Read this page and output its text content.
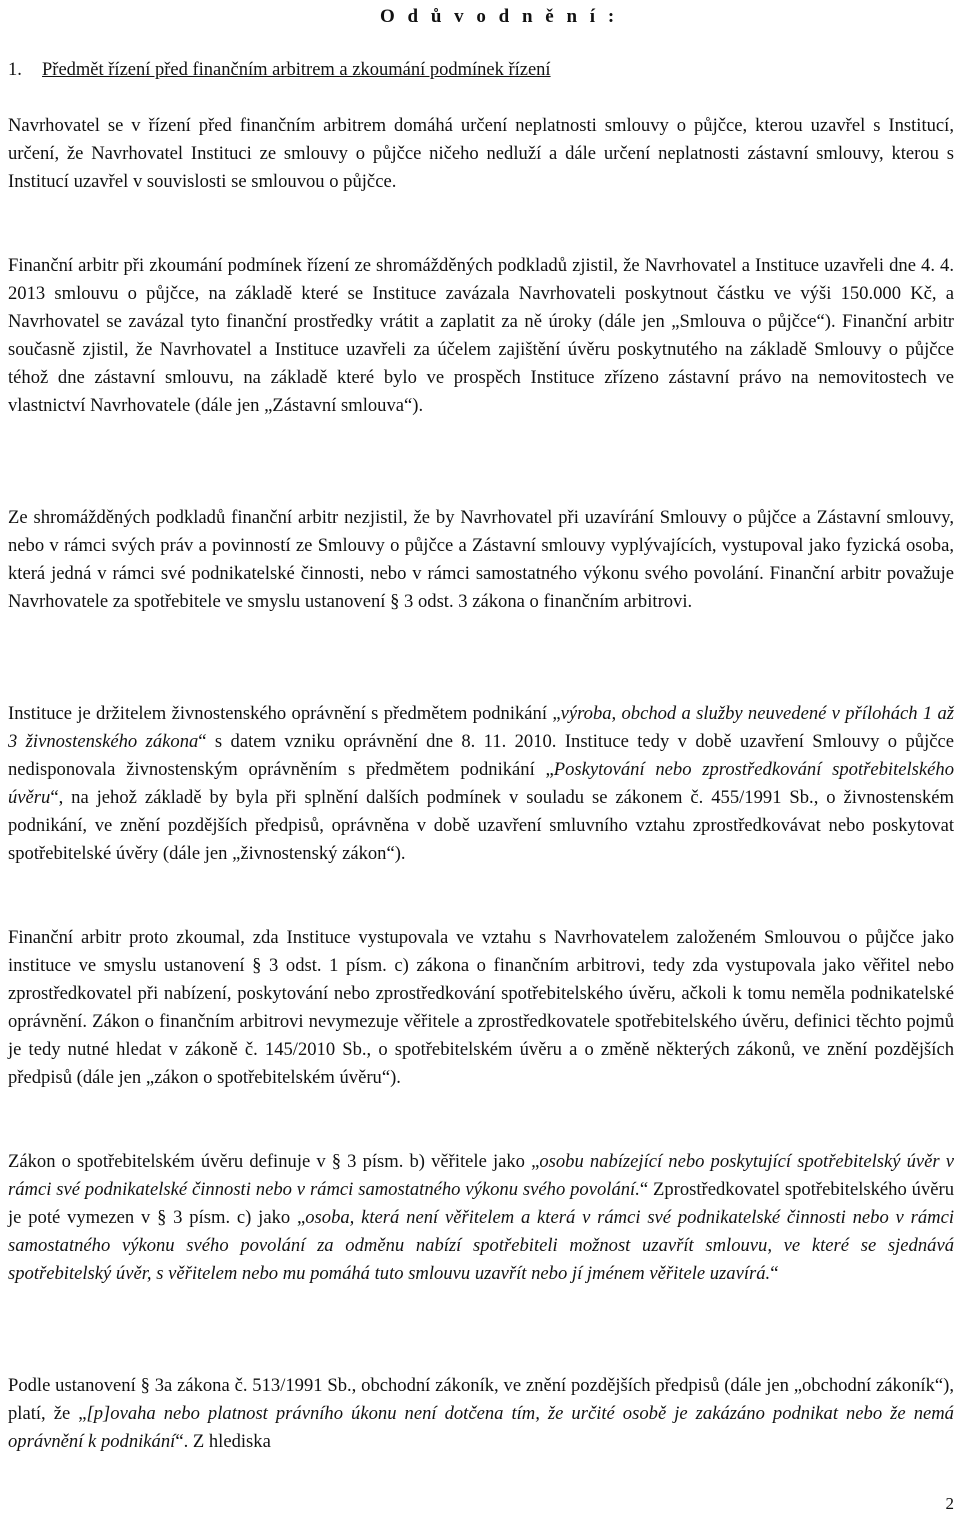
O d ů v o d n ě n í :
1. Předmět řízení před finančním arbitrem a zkoumání podmínek řízení

Navrhovatel se v řízení před finančním arbitrem domáhá určení neplatnosti smlouvy o půjčce, kterou uzavřel s Institucí, určení, že Navrhovatel Instituci ze smlouvy o půjčce ničeho nedluží a dále určení neplatnosti zástavní smlouvy, kterou s Institucí uzavřel v souvislosti se smlouvou o půjčce.

Finanční arbitr při zkoumání podmínek řízení ze shromážděných podkladů zjistil, že Navrhovatel a Instituce uzavřeli dne 4. 4. 2013 smlouvu o půjčce, na základě které se Instituce zavázala Navrhovateli poskytnout částku ve výši 150.000 Kč, a Navrhovatel se zavázal tyto finanční prostředky vrátit a zaplatit za ně úroky (dále jen „Smlouva o půjčce“). Finanční arbitr současně zjistil, že Navrhovatel a Instituce uzavřeli za účelem zajištění úvěru poskytnutého na základě Smlouvy o půjčce téhož dne zástavní smlouvu, na základě které bylo ve prospěch Instituce zřízeno zástavní právo na nemovitostech ve vlastnictví Navrhovatele (dále jen „Zástavní smlouva“).

Ze shromážděných podkladů finanční arbitr nezjistil, že by Navrhovatel při uzavírání Smlouvy o půjčce a Zástavní smlouvy, nebo v rámci svých práv a povinností ze Smlouvy o půjčce a Zástavní smlouvy vyplývajících, vystupoval jako fyzická osoba, která jedná v rámci své podnikatelské činnosti, nebo v rámci samostatného výkonu svého povolání. Finanční arbitr považuje Navrhovatele za spotřebitele ve smyslu ustanovení § 3 odst. 3 zákona o finančním arbitrovi.

Instituce je držitelem živnostenského oprávnění s předmětem podnikání „výroba, obchod a služby neuvedené v přílohách 1 až 3 živnostenského zákona“ s datem vzniku oprávnění dne 8. 11. 2010. Instituce tedy v době uzavření Smlouvy o půjčce nedisponovala živnostenským oprávněním s předmětem podnikání „Poskytování nebo zprostředkování spotřebitelského úvěru“, na jehož základě by byla při splnění dalších podmínek v souladu se zákonem č. 455/1991 Sb., o živnostenském podnikání, ve znění pozdějších předpisů, oprávněna v době uzavření smluvního vztahu zprostředkovávat nebo poskytovat spotřebitelské úvěry (dále jen „živnostenský zákon“).

Finanční arbitr proto zkoumal, zda Instituce vystupovala ve vztahu s Navrhovatelem založeném Smlouvou o půjčce jako instituce ve smyslu ustanovení § 3 odst. 1 písm. c) zákona o finančním arbitrovi, tedy zda vystupovala jako věřitel nebo zprostředkovatel při nabízení, poskytování nebo zprostředkování spotřebitelského úvěru, ačkoli k tomu neměla podnikatelské oprávnění. Zákon o finančním arbitrovi nevymezuje věřitele a zprostředkovatele spotřebitelského úvěru, definici těchto pojmů je tedy nutné hledat v zákoně č. 145/2010 Sb., o spotřebitelském úvěru a o změně některých zákonů, ve znění pozdějších předpisů (dále jen „zákon o spotřebitelském úvěru“).

Zákon o spotřebitelském úvěru definuje v § 3 písm. b) věřitele jako „osobu nabízející nebo poskytující spotřebitelský úvěr v rámci své podnikatelské činnosti nebo v rámci samostatného výkonu svého povolání.“ Zprostředkovatel spotřebitelského úvěru je poté vymezen v § 3 písm. c) jako „osoba, která není věřitelem a která v rámci své podnikatelské činnosti nebo v rámci samostatného výkonu svého povolání za odměnu nabízí spotřebiteli možnost uzavřít smlouvu, ve které se sjednává spotřebitelský úvěr, s věřitelem nebo mu pomáhá tuto smlouvu uzavřít nebo jí jménem věřitele uzavírá.“

Podle ustanovení § 3a zákona č. 513/1991 Sb., obchodní zákoník, ve znění pozdějších předpisů (dále jen „obchodní zákoník“), platí, že „[p]ovaha nebo platnost právního úkonu není dotčena tím, že určité osobě je zakázáno podnikat nebo že nemá oprávnění k podnikání“. Z hlediska

2
